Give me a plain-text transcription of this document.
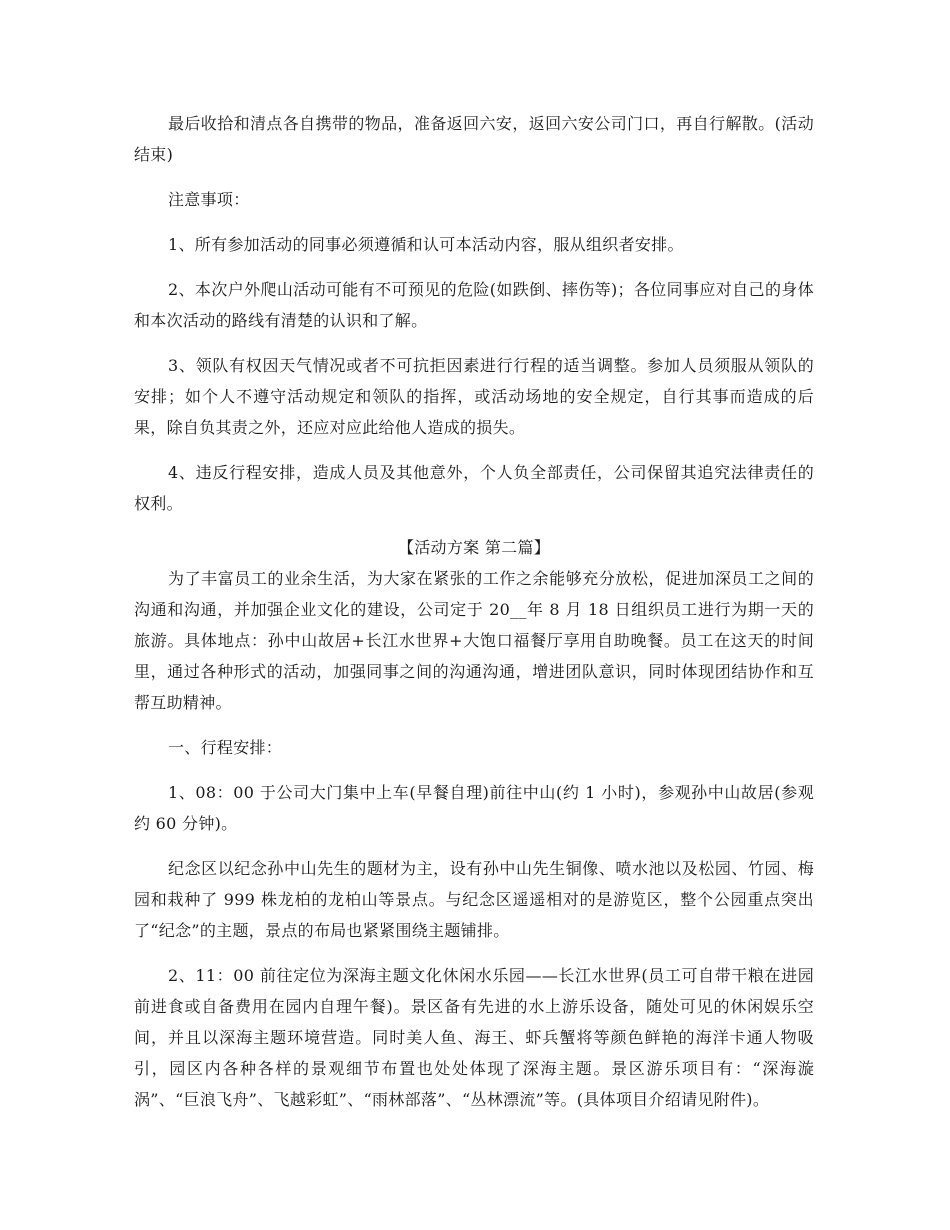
最后收拾和清点各自携带的物品，准备返回六安，返回六安公司门口，再自行解散。(活动结束)

注意事项：

1、所有参加活动的同事必须遵循和认可本活动内容，服从组织者安排。

2、本次户外爬山活动可能有不可预见的危险(如跌倒、摔伤等)；各位同事应对自己的身体和本次活动的路线有清楚的认识和了解。

3、领队有权因天气情况或者不可抗拒因素进行行程的适当调整。参加人员须服从领队的安排；如个人不遵守活动规定和领队的指挥，或活动场地的安全规定，自行其事而造成的后果，除自负其责之外，还应对应此给他人造成的损失。

4、违反行程安排，造成人员及其他意外，个人负全部责任，公司保留其追究法律责任的权利。

【活动方案 第二篇】

为了丰富员工的业余生活，为大家在紧张的工作之余能够充分放松，促进加深员工之间的沟通和沟通，并加强企业文化的建设，公司定于 20__年 8 月 18 日组织员工进行为期一天的旅游。具体地点：孙中山故居+长江水世界+大饱口福餐厅享用自助晚餐。员工在这天的时间里，通过各种形式的活动，加强同事之间的沟通沟通，增进团队意识，同时体现团结协作和互帮互助精神。

一、行程安排：

1、08：00 于公司大门集中上车(早餐自理)前往中山(约 1 小时)，参观孙中山故居(参观约 60 分钟)。

纪念区以纪念孙中山先生的题材为主，设有孙中山先生铜像、喷水池以及松园、竹园、梅园和栽种了 999 株龙柏的龙柏山等景点。与纪念区遥遥相对的是游览区，整个公园重点突出了“纪念”的主题，景点的布局也紧紧围绕主题铺排。

2、11：00 前往定位为深海主题文化休闲水乐园——长江水世界(员工可自带干粮在进园前进食或自备费用在园内自理午餐)。景区备有先进的水上游乐设备，随处可见的休闲娱乐空间，并且以深海主题环境营造。同时美人鱼、海王、虾兵蟹将等颜色鲜艳的海洋卡通人物吸引，园区内各种各样的景观细节布置也处处体现了深海主题。景区游乐项目有：“深海漩涡”、“巨浪飞舟”、飞越彩虹”、“雨林部落”、“丛林漂流”等。(具体项目介绍请见附件)。
